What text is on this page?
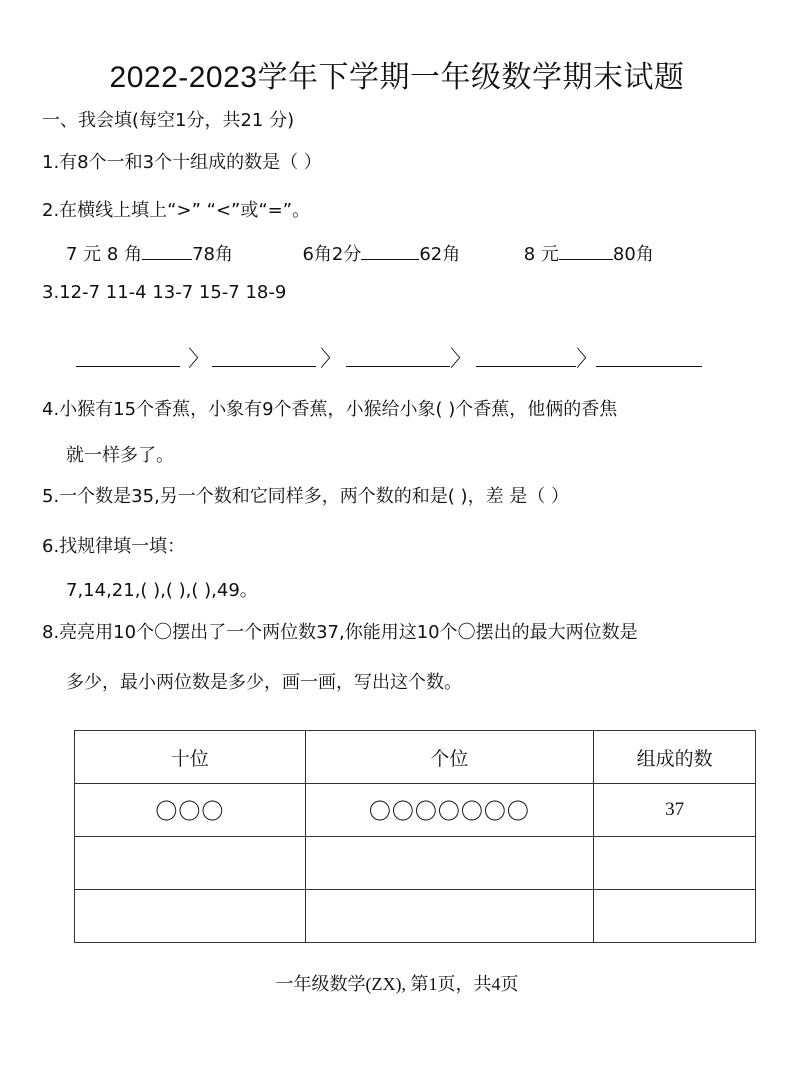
2022-2023学年下学期一年级数学期末试题
一、我会填(每空1分，共21 分)
1.有8个一和3个十组成的数是（ ）
2.在横线上填上“>” “<”或“=”。
7 元 8 角	78角	6角2分	62角	8 元	80角
3.12-7 11-4 13-7 15-7 18-9
〉	〉	〉	〉
4.小猴有15个香蕉，小象有9个香蕉，小猴给小象( )个香蕉，他俩的香焦
就一样多了。
5.一个数是35,另一个数和它同样多，两个数的和是( )，差 是（ ）
6.找规律填一填：
7,14,21,( ),( ),( ),49。
8.亮亮用10个〇摆出了一个两位数37,你能用这10个〇摆出的最大两位数是
多少，最小两位数是多少，画一画，写出这个数。
十位	个位	组成的数
〇〇〇	〇〇〇〇〇〇〇	37

一年级数学(ZX), 第1页，共4页
